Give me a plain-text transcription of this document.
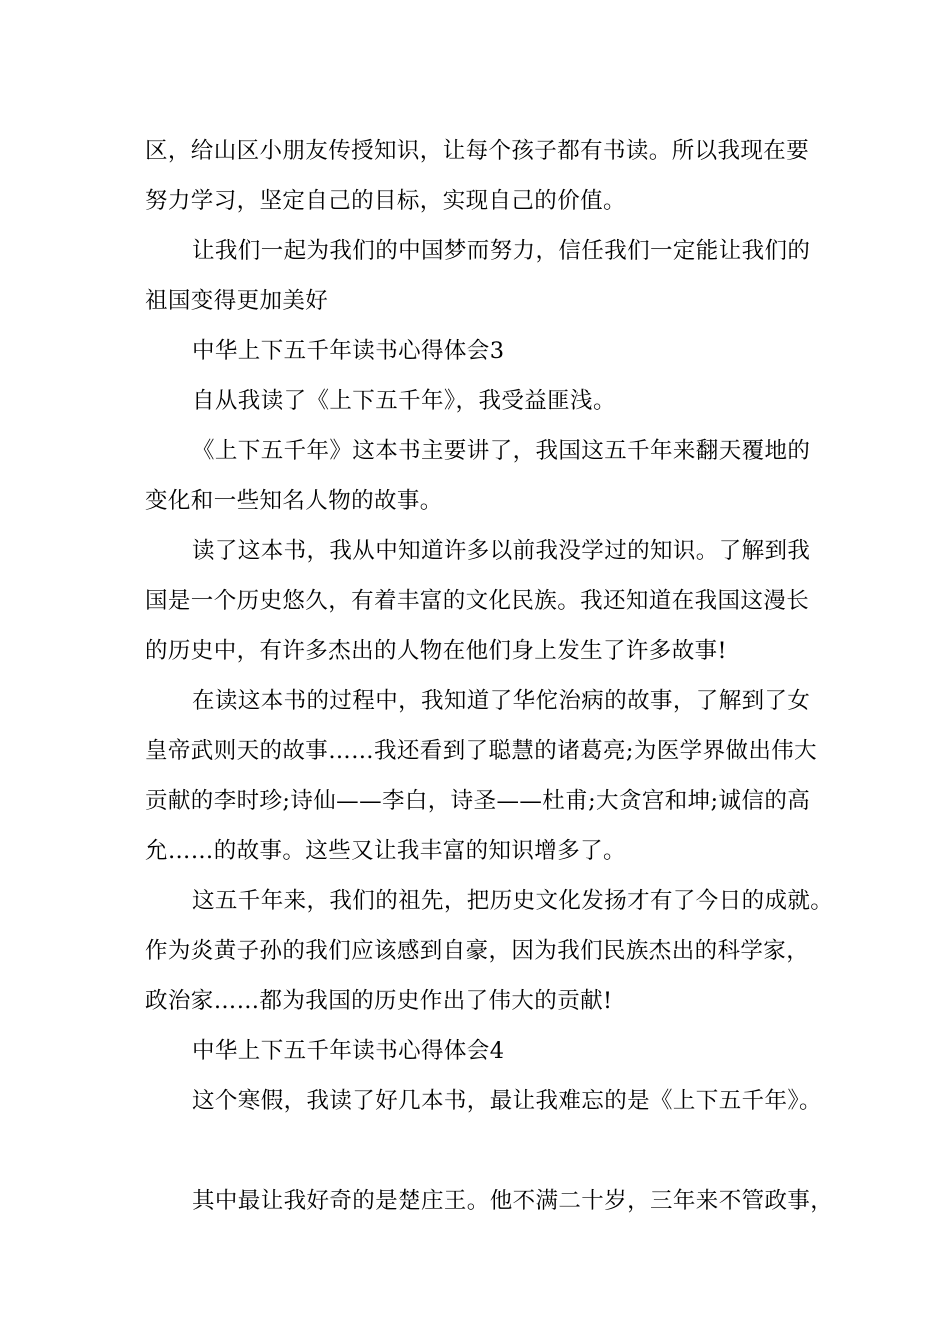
区，给山区小朋友传授知识，让每个孩子都有书读。所以我现在要
努力学习，坚定自己的目标，实现自己的价值。
让我们一起为我们的中国梦而努力，信任我们一定能让我们的
祖国变得更加美好
中华上下五千年读书心得体会3
自从我读了《上下五千年》，我受益匪浅。
《上下五千年》这本书主要讲了，我国这五千年来翻天覆地的
变化和一些知名人物的故事。
读了这本书，我从中知道许多以前我没学过的知识。了解到我
国是一个历史悠久，有着丰富的文化民族。我还知道在我国这漫长
的历史中，有许多杰出的人物在他们身上发生了许多故事!
在读这本书的过程中，我知道了华佗治病的故事，了解到了女
皇帝武则天的故事……我还看到了聪慧的诸葛亮;为医学界做出伟大
贡献的李时珍;诗仙——李白，诗圣——杜甫;大贪宫和坤;诚信的高
允……的故事。这些又让我丰富的知识增多了。
这五千年来，我们的祖先，把历史文化发扬才有了今日的成就。
作为炎黄子孙的我们应该感到自豪，因为我们民族杰出的科学家，
政治家……都为我国的历史作出了伟大的贡献!
中华上下五千年读书心得体会4
这个寒假，我读了好几本书，最让我难忘的是《上下五千年》。
其中最让我好奇的是楚庄王。他不满二十岁，三年来不管政事，
